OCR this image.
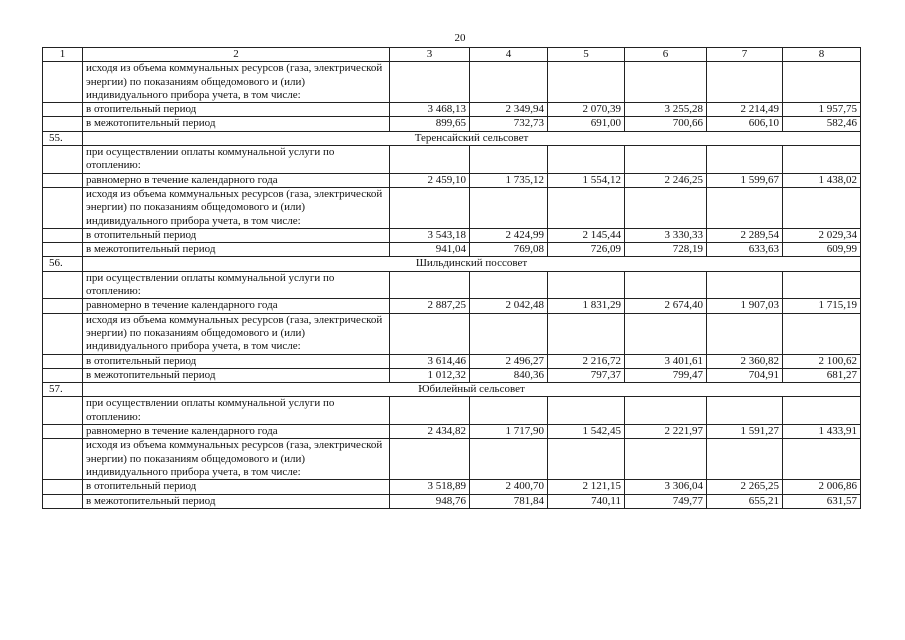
20
1	2	3	4	5	6	7	8
	исходя из объема коммунальных ресурсов (газа, электрической энергии) по показаниям общедомового и (или) индивидуального прибора учета, в том числе:						
	в отопительный период	3 468,13	2 349,94	2 070,39	3 255,28	2 214,49	1 957,75
	в межотопительный период	899,65	732,73	691,00	700,66	606,10	582,46
55.	Терeнсайский сельсовет						
	при осуществлении оплаты коммунальной услуги по отоплению:						
	равномерно в течение календарного года	2 459,10	1 735,12	1 554,12	2 246,25	1 599,67	1 438,02
	исходя из объема коммунальных ресурсов (газа, электрической энергии) по показаниям общедомового и (или) индивидуального прибора учета, в том числе:						
	в отопительный период	3 543,18	2 424,99	2 145,44	3 330,33	2 289,54	2 029,34
	в межотопительный период	941,04	769,08	726,09	728,19	633,63	609,99
56.	Шильдинский поссовет						
	при осуществлении оплаты коммунальной услуги по отоплению:						
	равномерно в течение календарного года	2 887,25	2 042,48	1 831,29	2 674,40	1 907,03	1 715,19
	исходя из объема коммунальных ресурсов (газа, электрической энергии) по показаниям общедомового и (или) индивидуального прибора учета, в том числе:						
	в отопительный период	3 614,46	2 496,27	2 216,72	3 401,61	2 360,82	2 100,62
	в межотопительный период	1 012,32	840,36	797,37	799,47	704,91	681,27
57.	Юбилейный сельсовет						
	при осуществлении оплаты коммунальной услуги по отоплению:						
	равномерно в течение календарного года	2 434,82	1 717,90	1 542,45	2 221,97	1 591,27	1 433,91
	исходя из объема коммунальных ресурсов (газа, электрической энергии) по показаниям общедомового и (или) индивидуального прибора учета, в том числе:						
	в отопительный период	3 518,89	2 400,70	2 121,15	3 306,04	2 265,25	2 006,86
	в межотопительный период	948,76	781,84	740,11	749,77	655,21	631,57
